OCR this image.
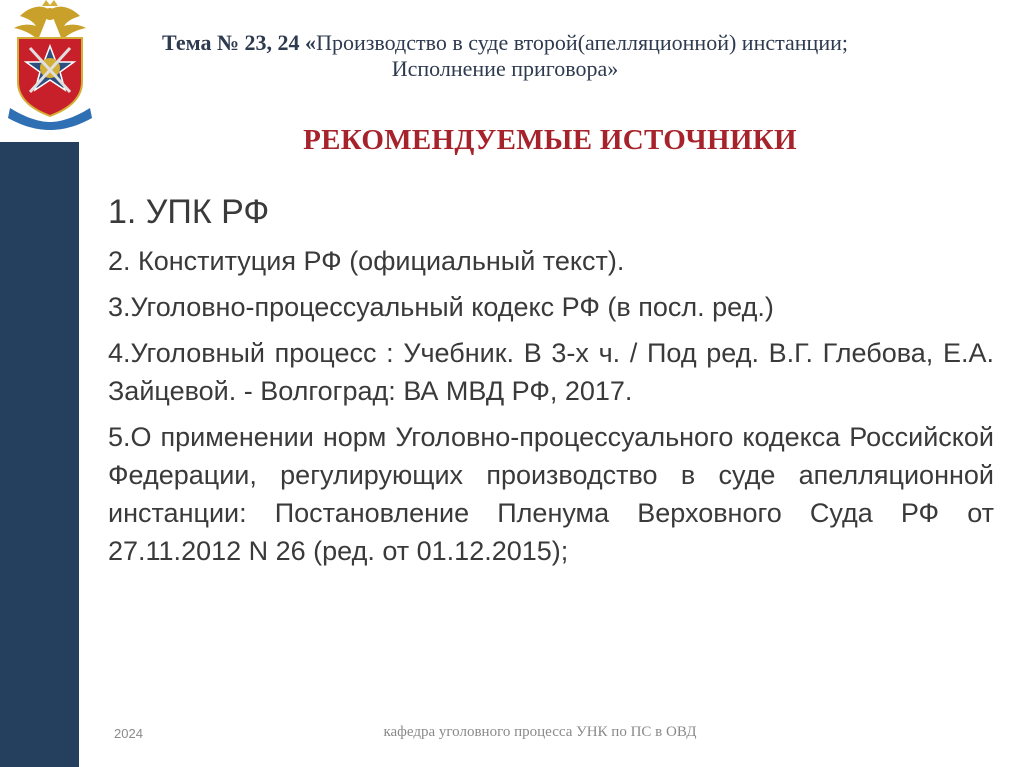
Тема № 23, 24 «Производство в суде второй(апелляционной) инстанции;
Исполнение приговора»
РЕКОМЕНДУЕМЫЕ ИСТОЧНИКИ
1. УПК РФ
2. Конституция РФ (официальный текст).
3.Уголовно-процессуальный кодекс РФ (в посл. ред.)
4.Уголовный процесс : Учебник. В 3-х ч. / Под ред. В.Г. Глебова, Е.А. Зайцевой. - Волгоград: ВА МВД РФ, 2017.
5.О применении норм Уголовно-процессуального кодекса Российской Федерации, регулирующих производство в суде апелляционной инстанции: Постановление Пленума Верховного Суда РФ от 27.11.2012 N 26 (ред. от 01.12.2015);
2024	кафедра уголовного процесса УНК по ПС в ОВД
